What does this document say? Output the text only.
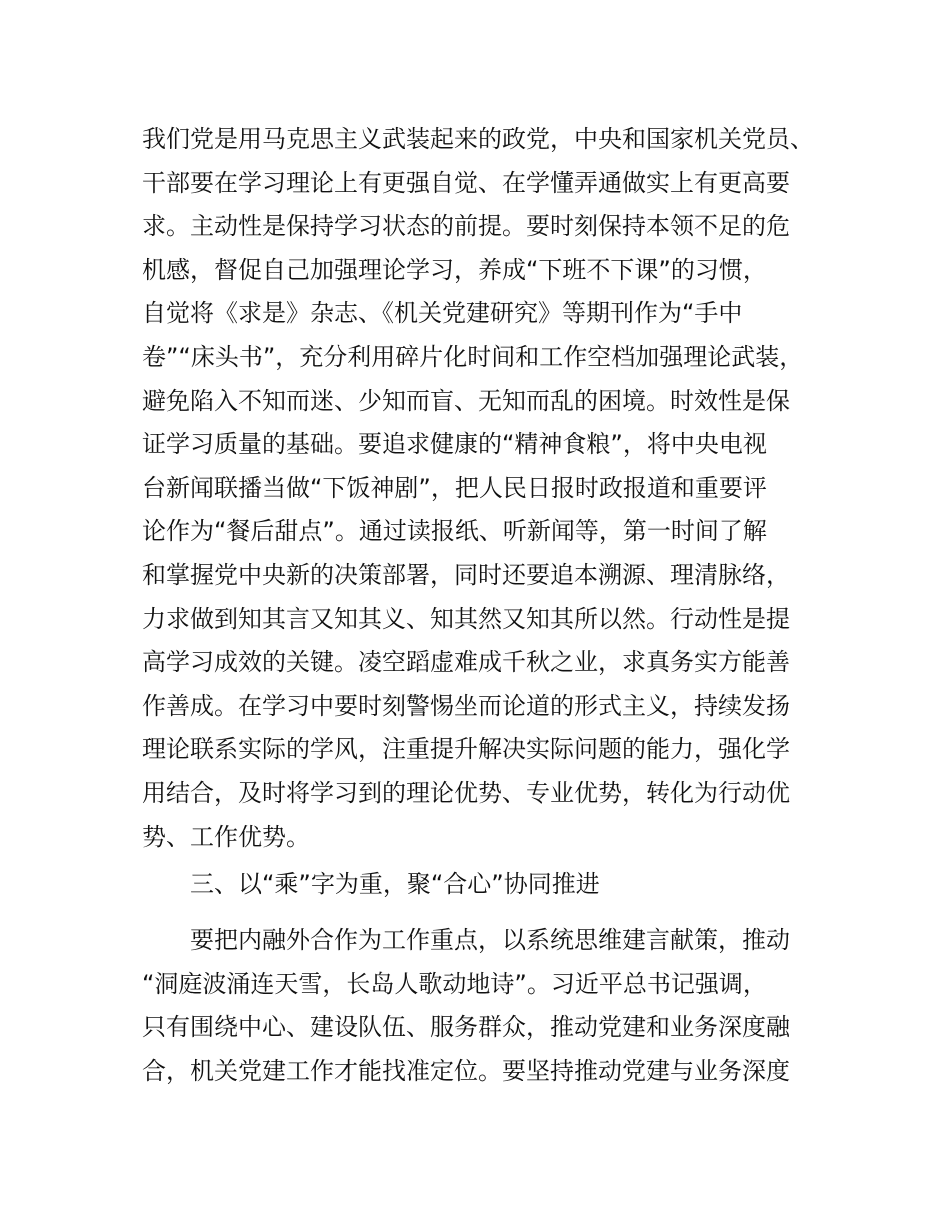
我们党是用马克思主义武装起来的政党，中央和国家机关党员、
干部要在学习理论上有更强自觉、在学懂弄通做实上有更高要
求。主动性是保持学习状态的前提。要时刻保持本领不足的危
机感，督促自己加强理论学习，养成“下班不下课”的习惯，
自觉将《求是》杂志、《机关党建研究》等期刊作为“手中
卷”“床头书”，充分利用碎片化时间和工作空档加强理论武装，
避免陷入不知而迷、少知而盲、无知而乱的困境。时效性是保
证学习质量的基础。要追求健康的“精神食粮”，将中央电视
台新闻联播当做“下饭神剧”，把人民日报时政报道和重要评
论作为“餐后甜点”。通过读报纸、听新闻等，第一时间了解
和掌握党中央新的决策部署，同时还要追本溯源、理清脉络，
力求做到知其言又知其义、知其然又知其所以然。行动性是提
高学习成效的关键。凌空蹈虚难成千秋之业，求真务实方能善
作善成。在学习中要时刻警惕坐而论道的形式主义，持续发扬
理论联系实际的学风，注重提升解决实际问题的能力，强化学
用结合，及时将学习到的理论优势、专业优势，转化为行动优
势、工作优势。
三、以“乘”字为重，聚“合心”协同推进
要把内融外合作为工作重点，以系统思维建言献策，推动
“洞庭波涌连天雪，长岛人歌动地诗”。习近平总书记强调，
只有围绕中心、建设队伍、服务群众，推动党建和业务深度融
合，机关党建工作才能找准定位。要坚持推动党建与业务深度
